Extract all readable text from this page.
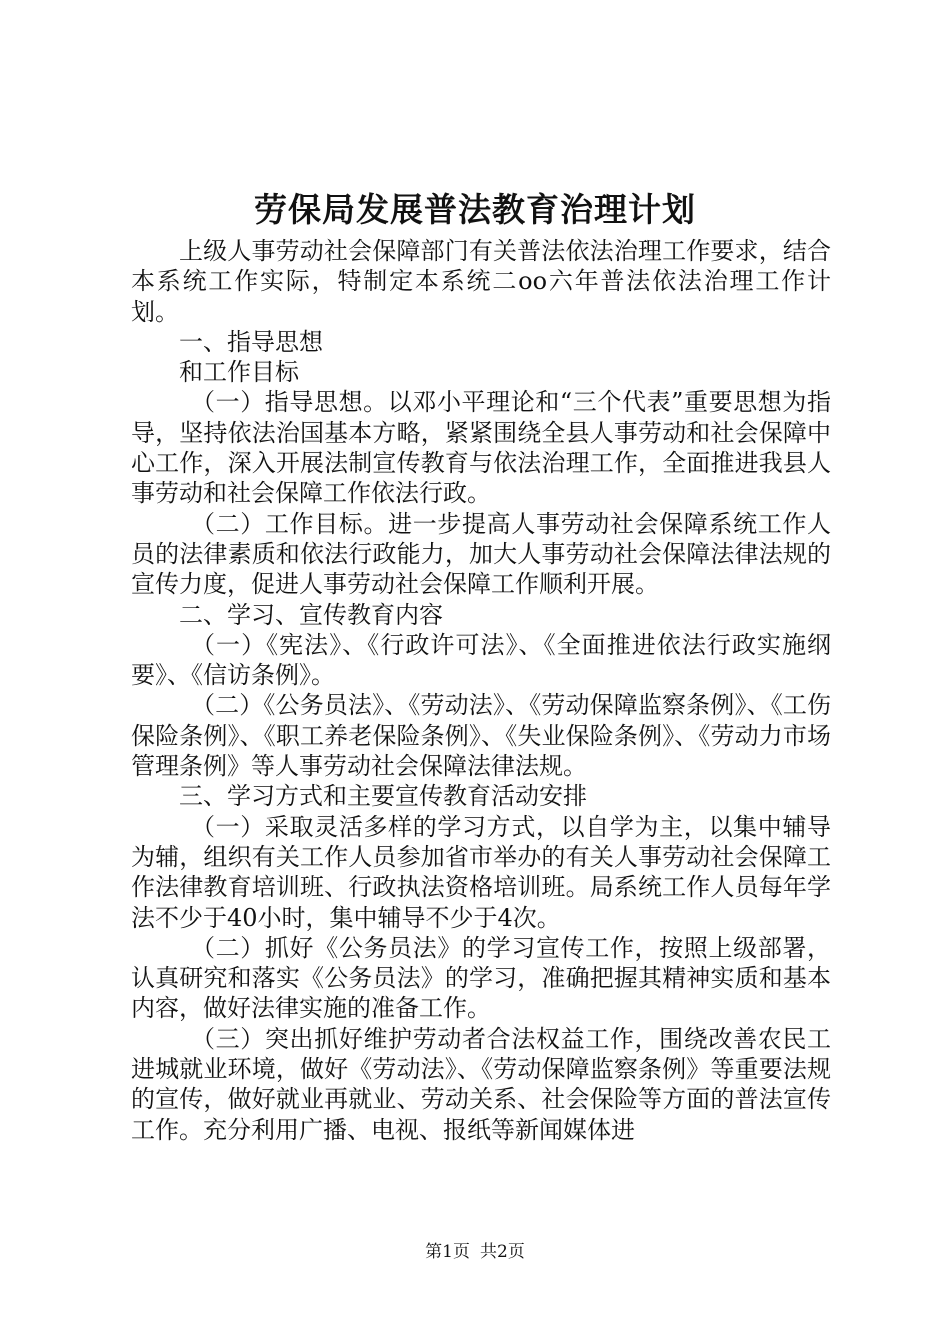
劳保局发展普法教育治理计划

上级人事劳动社会保障部门有关普法依法治理工作要求，结合本系统工作实际，特制定本系统二oo六年普法依法治理工作计划。

一、指导思想

和工作目标

（一）指导思想。以邓小平理论和“三个代表”重要思想为指导，坚持依法治国基本方略，紧紧围绕全县人事劳动和社会保障中心工作，深入开展法制宣传教育与依法治理工作，全面推进我县人事劳动和社会保障工作依法行政。

（二）工作目标。进一步提高人事劳动社会保障系统工作人员的法律素质和依法行政能力，加大人事劳动社会保障法律法规的宣传力度，促进人事劳动社会保障工作顺利开展。

二、学习、宣传教育内容

（一）《宪法》、《行政许可法》、《全面推进依法行政实施纲要》、《信访条例》。

（二）《公务员法》、《劳动法》、《劳动保障监察条例》、《工伤保险条例》、《职工养老保险条例》、《失业保险条例》、《劳动力市场管理条例》等人事劳动社会保障法律法规。

三、学习方式和主要宣传教育活动安排

（一）采取灵活多样的学习方式，以自学为主，以集中辅导为辅，组织有关工作人员参加省市举办的有关人事劳动社会保障工作法律教育培训班、行政执法资格培训班。局系统工作人员每年学法不少于40小时，集中辅导不少于4次。

（二）抓好《公务员法》的学习宣传工作，按照上级部署，认真研究和落实《公务员法》的学习，准确把握其精神实质和基本内容，做好法律实施的准备工作。

（三）突出抓好维护劳动者合法权益工作，围绕改善农民工进城就业环境，做好《劳动法》、《劳动保障监察条例》等重要法规的宣传，做好就业再就业、劳动关系、社会保险等方面的普法宣传工作。充分利用广播、电视、报纸等新闻媒体进

第1页 共2页
